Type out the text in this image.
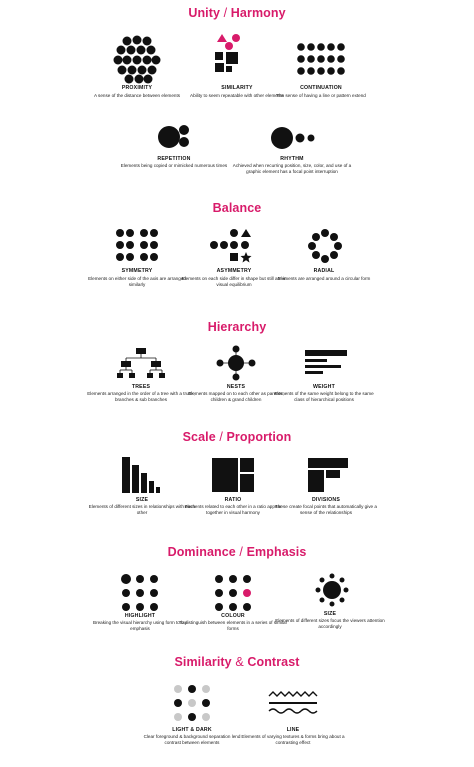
Unity / Harmony
Balance
Hierarchy
Scale / Proportion
Dominance / Emphasis
Similarity & Contrast
PROXIMITY
A sense of the distance between elements
SIMILARITY
Ability to seem repeatable with other elements
CONTINUATION
The sense of having a line or pattern extend
REPETITION
Elements being copied or mimicked numerous times
RHYTHM
Achieved when recurring position, size, color, and use of a graphic element has a focal point interruption
SYMMETRY
Elements on either side of the axis are arranged similarly
ASYMMETRY
Elements on each side differ in shape but still are in visual equilibrium
RADIAL
Elements are arranged around a circular form
TREES
Elements arranged in the order of a tree with a trunk, branches & sub branches
NESTS
Elements mapped on to each other as parents, children & grand children
WEIGHT
Elements of the same weight belong to the same class of hierarchical positions
SIZE
Elements of different sizes in relationships with each other
RATIO
Elements related to each other in a ratio appear together in visual harmony
DIVISIONS
These create focal points that automatically give a sense of the relationships
HIGHLIGHT
Breaking the visual hierarchy using form to lay emphasis
COLOUR
To distinguish between elements in a series of similar forms
SIZE
Elements of different sizes focus the viewers attention accordingly
LIGHT & DARK
Clear foreground & background separation lend contrast between elements
LINE
Elements of varying textures & forms bring about a contrasting effect
